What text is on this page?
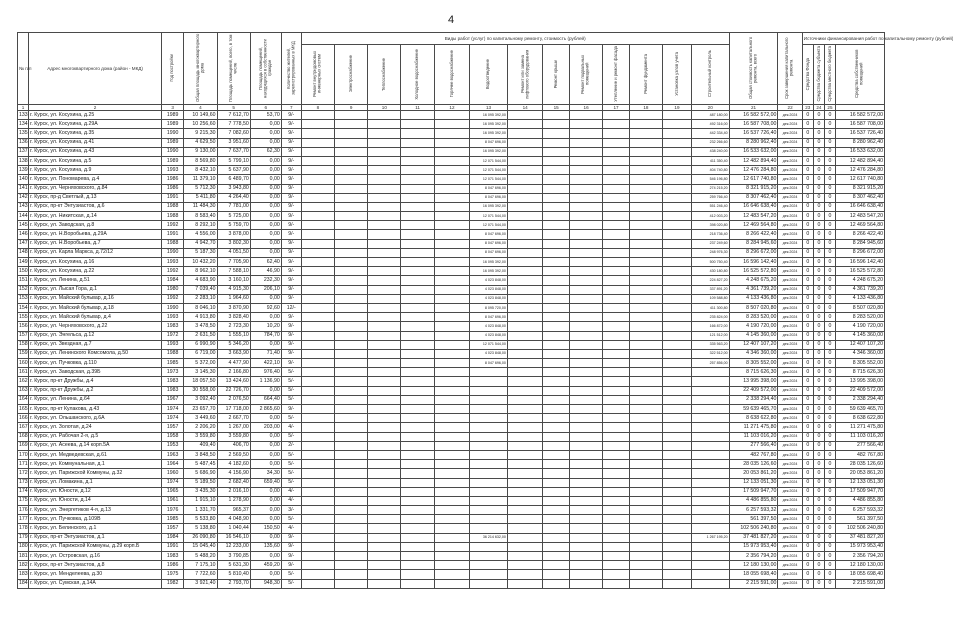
4
№ п/п	Адрес многоквартирного дома (район - МКД)	Год постройки	Общая площадь многоквартирного дома	Площадь помещений, всего, в том числе	Площадь помещений, находящихся в собственности граждан	Количество жителей, зарегистрированных в МКД	Виды работ (услуг) по капитальному ремонту, стоимость (рублей)													Общая стоимость капитального ремонта, всего	Срок завершения капитального ремонта	Источники финансирования работ по капитальному ремонту (рублей)			
							Ремонт внутридомовых инженерных систем	Электроснабжение	Теплоснабжение	Холодное водоснабжение	Горячее водоснабжение	Водоотведение	Ремонт или замена лифтового оборудования	Ремонт крыши	Ремонт подвальных помещений	Утепление и ремонт фасада	Ремонт фундамента	Установка узлов учета	Строительный контроль			Средства Фонда	Средства бюджета субъекта	Средства местного бюджета	Средства собственников помещений
1	2	3	4	5	6	7	8	9	10	11	12	13	14	15	16	17	18	19	20	21	22	23	24	25	
133	г. Курск, ул. Косухина, д.25	1989	10 149,60	7 612,70	53,70	9/-						16 095 392,00							487 180,00	16 582 572,00	дек.2024	0	0	0	16 582 572,00
134	г. Курск, ул. Косухина, д.29А	1989	10 256,60	7 778,50	0,00	9/-						16 095 392,00							492 316,00	16 587 708,00	дек.2024	0	0	0	16 587 708,00
135	г. Курск, ул. Косухина, д.35	1990	9 215,30	7 082,60	0,00	9/-						16 095 392,00							442 334,40	16 537 726,40	дек.2024	0	0	0	16 537 726,40
136	г. Курск, ул. Косухина, д.41	1989	4 629,50	3 951,60	0,00	9/-						8 047 696,00							232 266,60	8 280 962,40	дек.2024	0	0	0	8 280 962,40
137	г. Курск, ул. Косухина, д.43	1990	9 130,00	7 637,70	62,30	9/-						16 095 392,00							438 240,00	16 533 632,00	дек.2024	0	0	0	16 533 632,00
138	г. Курск, ул. Косухина, д.5	1989	8 569,80	5 799,10	0,00	9/-						12 071 544,00							411 350,40	12 482 894,40	дек.2024	0	0	0	12 482 894,40
139	г. Курск, ул. Косухина, д.9	1993	8 432,10	5 637,90	0,00	9/-						12 071 544,00							404 740,80	12 476 284,80	дек.2024	0	0	0	12 476 284,80
140	г. Курск, ул. Пономарева, д.4	1986	11 379,10	6 489,70	0,00	9/-						12 071 544,00							546 196,80	12 617 740,80	дек.2024	0	0	0	12 617 740,80
141	г. Курск, ул. Черняховского, д.84	1986	5 712,30	3 943,80	0,00	9/-						8 047 696,00							274 215,20	8 321 915,20	дек.2024	0	0	0	8 321 915,20
142	г. Курск, пр-д Светлый, д.13	1991	5 411,80	4 264,40	0,00	9/-						8 047 696,00							259 766,40	8 307 462,40	дек.2024	0	0	0	8 307 462,40
143	г. Курск, пр-кт Энтузиастов, д.6	1988	11 484,30	7 781,00	0,00	9/-						16 095 392,00							551 246,40	16 646 638,40	дек.2024	0	0	0	16 646 638,40
144	г. Курск, ул. Никитская, д.14	1988	8 583,40	5 725,00	0,00	9/-						12 071 544,00							412 003,20	12 483 547,20	дек.2024	0	0	0	12 483 547,20
145	г. Курск, ул. Заводская, д.8	1992	8 292,10	5 759,70	0,00	9/-						12 071 544,00							398 020,80	12 469 564,80	дек.2024	0	0	0	12 469 564,80
146	г. Курск, ул. Н.Воробьева, д.29А	1991	4 556,00	3 878,00	0,00	9/-						8 047 696,00							218 736,40	8 266 422,40	дек.2024	0	0	0	8 266 422,40
147	г. Курск, ул. Н.Воробьева, д.7	1988	4 942,70	3 802,30	0,00	9/-						8 047 696,00							237 249,60	8 284 945,60	дек.2024	0	0	0	8 284 945,60
148	г. Курск, ул. Карла Маркса, д.72/12	1990	5 187,30	4 051,50	0,00	9/-						8 047 696,00							248 976,30	8 296 672,00	дек.2024	0	0	0	8 296 672,00
149	г. Курск, ул. Косухина, д.16	1993	10 432,20	7 705,90	62,40	9/-						16 095 392,00							500 750,40	16 596 142,40	дек.2024	0	0	0	16 596 142,40
150	г. Курск, ул. Косухина, д.22	1992	8 962,10	7 588,10	46,90	9/-						16 095 392,00							430 180,80	16 525 572,80	дек.2024	0	0	0	16 525 572,80
151	г. Курск, ул. Ленина, д.51	1984	4 683,90	3 160,10	232,30	9/-						4 023 848,00							224 827,20	4 248 675,20	дек.2024	0	0	0	4 248 675,20
152	г. Курск, ул. Лысая Гора, д.1	1980	7 039,40	4 915,30	206,10	9/-						4 023 848,00							337 891,20	4 361 739,20	дек.2024	0	0	0	4 361 739,20
153	г. Курск, ул. Майский бульвар, д.16	1992	2 283,10	1 964,60	0,00	9/-						4 023 848,00							109 588,80	4 133 436,80	дек.2024	0	0	0	4 133 436,80
154	г. Курск, ул. Майский бульвар, д.18	1990	8 046,10	3 870,90	92,60	12/-						8 095 720,00							411 300,80	8 507 020,80	дек.2024	0	0	0	8 507 020,80
155	г. Курск, ул. Майский бульвар, д.4	1993	4 913,80	3 828,40	0,00	9/-						8 047 696,00							235 824,00	8 283 520,00	дек.2024	0	0	0	8 283 520,00
156	г. Курск, ул. Черняховского, д.22	1983	3 478,50	2 723,30	10,20	9/-						4 023 848,00							166 872,00	4 190 720,00	дек.2024	0	0	0	4 190 720,00
157	г. Курск, ул. Энгельса, д.12	1972	2 631,50	1 555,10	784,70	9/-						4 023 848,00							121 512,00	4 145 360,00	дек.2024	0	0	0	4 145 360,00
158	г. Курск, ул. Звездная, д.7	1993	6 990,90	5 346,20	0,00	9/-						12 071 544,00							335 563,20	12 407 107,20	дек.2024	0	0	0	12 407 107,20
159	г. Курск, ул. Ленинского Комсомола, д.50	1988	6 719,00	3 663,90	71,40	9/-						4 023 848,00							322 512,00	4 346 360,00	дек.2024	0	0	0	4 346 360,00
160	г. Курск, ул. Пучковка, д.110	1985	5 372,00	4 477,90	422,10	9/-						8 047 696,00							257 856,00	8 305 552,00	дек.2024	0	0	0	8 305 552,00
161	г. Курск, ул. Заводская, д.39Б	1973	3 145,30	2 166,80	976,40	5/-														8 715 626,30	дек.2024	0	0	0	8 715 626,30
162	г. Курск, пр-кт Дружбы, д.4	1983	18 057,50	13 424,60	1 136,90	5/-														13 995 398,00	дек.2024	0	0	0	13 995 398,00
163	г. Курск, пр-кт Дружбы, д.2	1983	30 558,00	22 726,70	0,00	5/-														22 409 572,00	дек.2024	0	0	0	22 409 572,00
164	г. Курск, ул. Ленина, д.64	1967	3 092,40	2 076,50	664,40	5/-														2 338 294,40	дек.2024	0	0	0	2 338 294,40
165	г. Курск, пр-кт Кулакова, д.43	1974	23 657,70	17 718,00	2 865,60	9/-														59 639 465,70	дек.2024	0	0	0	59 639 465,70
166	г. Курск, ул. Ольшанского, д.6А	1974	3 449,60	2 667,70	0,00	5/-														8 638 622,80	дек.2024	0	0	0	8 638 622,80
167	г. Курск, ул. Золотая, д.24	1957	2 206,20	1 267,00	203,00	4/-														11 271 475,80	дек.2024	0	0	0	11 271 475,80
168	г. Курск, ул. Рабочая 2-я, д.5	1958	3 559,80	3 559,80	0,00	5/-														11 103 016,20	дек.2024	0	0	0	11 103 016,20
169	г. Курск, ул. Асеева, д.14 корп.5А	1953	409,40	406,70	0,00	2/-														277 566,40	дек.2024	0	0	0	277 566,40
170	г. Курск, ул. Медведевская, д.61	1963	3 848,50	2 569,50	0,00	5/-														482 767,80	дек.2024	0	0	0	482 767,80
171	г. Курск, ул. Коммунальная, д.1	1964	5 487,45	4 182,60	0,00	5/-														28 035 126,60	дек.2024	0	0	0	28 035 126,60
172	г. Курск, ул. Парижской Коммуны, д.32	1960	5 686,90	4 156,90	34,30	5/-														20 053 861,20	дек.2024	0	0	0	20 053 861,20
173	г. Курск, ул. Ломакина, д.1	1974	5 189,50	2 682,40	659,40	5/-														12 133 051,30	дек.2024	0	0	0	12 133 051,30
174	г. Курск, ул. Юности, д.12	1965	3 435,30	2 016,10	0,00	4/-														17 509 947,70	дек.2024	0	0	0	17 509 947,70
175	г. Курск, ул. Юности, д.14	1961	1 915,10	1 278,90	0,00	4/-														4 486 855,80	дек.2024	0	0	0	4 486 855,80
176	г. Курск, ул. Энергетиков 4-я, д.13	1976	1 331,70	965,37	0,00	3/-														6 257 593,32	дек.2024	0	0	0	6 257 593,32
177	г. Курск, ул. Пучковка, д.109В	1985	5 533,80	4 048,90	0,00	5/-														561 397,50	дек.2024	0	0	0	561 397,50
178	г. Курск, ул. Белинского, д.1	1957	5 138,80	1 040,44	150,50	4/-														102 506 240,80	дек.2024	0	0	0	102 506 240,80
179	г. Курск, пр-кт Энтузиастов, д.1	1984	26 090,80	16 546,10	0,00	9/-						36 214 632,00							1 267 195,20	37 481 827,20	дек.2024	0	0	0	37 481 827,20
180	г. Курск, ул. Парижской Коммуны, д.29 корп.Б	1991	15 045,40	12 233,00	135,60	9/-														15 973 953,40	дек.2024	0	0	0	15 973 953,40
181	г. Курск, ул. Островская, д.16	1983	5 488,20	3 790,85	0,00	9/-														2 356 794,20	дек.2024	0	0	0	2 356 794,20
182	г. Курск, пр-кт Энтузиастов, д.8	1986	7 175,10	5 631,30	459,20	9/-														12 180 130,00	дек.2024	0	0	0	12 180 130,00
183	г. Курск, ул. Менделеева, д.30	1975	7 722,60	5 810,40	0,00	5/-														18 055 698,40	дек.2024	0	0	0	18 055 698,40
184	г. Курск, ул. Сумская, д.14А	1982	3 921,40	2 793,70	948,30	5/-														2 215 591,00	дек.2024	0	0	0	2 215 591,00
